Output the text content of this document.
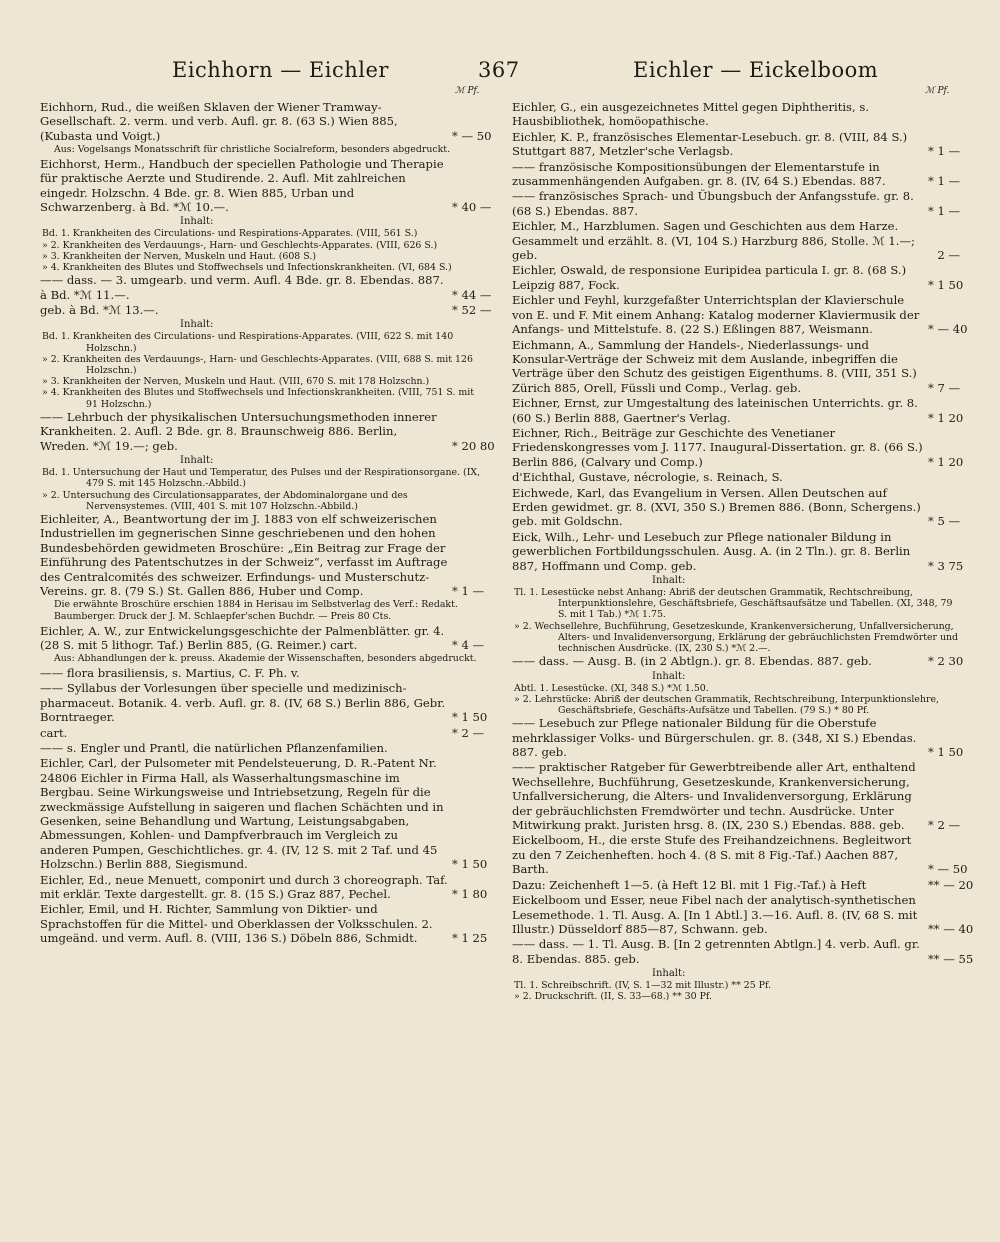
Eichhorn — Eichler	367	Eichler — Eickelboom
ℳ Pf.	ℳ Pf.
Eichhorn, Rud., die weißen Sklaven der Wiener Tramway-Gesellschaft. 2. verm. und verb. Aufl. gr. 8. (63 S.) Wien 885, (Kubasta und Voigt.)	* — 50
Aus: Vogelsangs Monatsschrift für christliche Socialreform, besonders abgedruckt.
Eichhorst, Herm., Handbuch der speciellen Pathologie und Therapie für praktische Aerzte und Studirende. 2. Aufl. Mit zahlreichen eingedr. Holzschn. 4 Bde. gr. 8. Wien 885, Urban und Schwarzenberg. à Bd. *ℳ 10.—.	* 40 —
Inhalt:
Bd. 1. Krankheiten des Circulations- und Respirations-Apparates. (VIII, 561 S.)
» 2. Krankheiten des Verdauungs-, Harn- und Geschlechts-Apparates. (VIII, 626 S.)
» 3. Krankheiten der Nerven, Muskeln und Haut. (608 S.)
» 4. Krankheiten des Blutes und Stoffwechsels und Infectionskrankheiten. (VI, 684 S.)
—— dass. — 3. umgearb. und verm. Aufl. 4 Bde. gr. 8. Ebendas. 887. à Bd. *ℳ 11.—.	* 44 —
geb. à Bd. *ℳ 13.—.	* 52 —
Inhalt:
Bd. 1. Krankheiten des Circulations- und Respirations-Apparates. (VIII, 622 S. mit 140 Holzschn.)
» 2. Krankheiten des Verdauungs-, Harn- und Geschlechts-Apparates. (VIII, 688 S. mit 126 Holzschn.)
» 3. Krankheiten der Nerven, Muskeln und Haut. (VIII, 670 S. mit 178 Holzschn.)
» 4. Krankheiten des Blutes und Stoffwechsels und Infectionskrankheiten. (VIII, 751 S. mit 91 Holzschn.)
—— Lehrbuch der physikalischen Untersuchungsmethoden innerer Krankheiten. 2. Aufl. 2 Bde. gr. 8. Braunschweig 886. Berlin, Wreden. *ℳ 19.—; geb.	* 20 80
Inhalt:
Bd. 1. Untersuchung der Haut und Temperatur, des Pulses und der Respirationsorgane. (IX, 479 S. mit 145 Holzschn.-Abbild.)
» 2. Untersuchung des Circulationsapparates, der Abdominalorgane und des Nervensystemes. (VIII, 401 S. mit 107 Holzschn.-Abbild.)
Eichleiter, A., Beantwortung der im J. 1883 von elf schweizerischen Industriellen im gegnerischen Sinne geschriebenen und den hohen Bundesbehörden gewidmeten Broschüre: „Ein Beitrag zur Frage der Einführung des Patentschutzes in der Schweiz“, verfasst im Auftrage des Centralcomités des schweizer. Erfindungs- und Musterschutz-Vereins. gr. 8. (79 S.) St. Gallen 886, Huber und Comp.	* 1 —
Die erwähnte Broschüre erschien 1884 in Herisau im Selbstverlag des Verf.: Redakt. Baumberger. Druck der J. M. Schlaepfer'schen Buchdr. — Preis 80 Cts.
Eichler, A. W., zur Entwickelungsgeschichte der Palmenblätter. gr. 4. (28 S. mit 5 lithogr. Taf.) Berlin 885, (G. Reimer.) cart.	* 4 —
Aus: Abhandlungen der k. preuss. Akademie der Wissenschaften, besonders abgedruckt.
—— flora brasiliensis, s. Martius, C. F. Ph. v.
—— Syllabus der Vorlesungen über specielle und medizinisch-pharmaceut. Botanik. 4. verb. Aufl. gr. 8. (IV, 68 S.) Berlin 886, Gebr. Borntraeger.	* 1 50
cart.	* 2 —
—— s. Engler und Prantl, die natürlichen Pflanzenfamilien.
Eichler, Carl, der Pulsometer mit Pendelsteuerung, D. R.-Patent Nr. 24806 Eichler in Firma Hall, als Wasserhaltungsmaschine im Bergbau. Seine Wirkungsweise und Intriebsetzung, Regeln für die zweckmässige Aufstellung in saigeren und flachen Schächten und in Gesenken, seine Behandlung und Wartung, Leistungsabgaben, Abmessungen, Kohlen- und Dampfverbrauch im Vergleich zu anderen Pumpen, Geschichtliches. gr. 4. (IV, 12 S. mit 2 Taf. und 45 Holzschn.) Berlin 888, Siegismund.	* 1 50
Eichler, Ed., neue Menuett, componirt und durch 3 choreograph. Taf. mit erklär. Texte dargestellt. gr. 8. (15 S.) Graz 887, Pechel.	* 1 80
Eichler, Emil, und H. Richter, Sammlung von Diktier- und Sprachstoffen für die Mittel- und Oberklassen der Volksschulen. 2. umgeänd. und verm. Aufl. 8. (VIII, 136 S.) Döbeln 886, Schmidt.	* 1 25
Eichler, G., ein ausgezeichnetes Mittel gegen Diphtheritis, s. Hausbibliothek, homöopathische.
Eichler, K. P., französisches Elementar-Lesebuch. gr. 8. (VIII, 84 S.) Stuttgart 887, Metzler'sche Verlagsb.	* 1 —
—— französische Kompositionsübungen der Elementarstufe in zusammenhängenden Aufgaben. gr. 8. (IV, 64 S.) Ebendas. 887.	* 1 —
—— französisches Sprach- und Übungsbuch der Anfangsstufe. gr. 8. (68 S.) Ebendas. 887.	* 1 —
Eichler, M., Harzblumen. Sagen und Geschichten aus dem Harze. Gesammelt und erzählt. 8. (VI, 104 S.) Harzburg 886, Stolle. ℳ 1.—; geb.	2 —
Eichler, Oswald, de responsione Euripidea particula I. gr. 8. (68 S.) Leipzig 887, Fock.	* 1 50
Eichler und Feyhl, kurzgefaßter Unterrichtsplan der Klavierschule von E. und F. Mit einem Anhang: Katalog moderner Klaviermusik der Anfangs- und Mittelstufe. 8. (22 S.) Eßlingen 887, Weismann.	* — 40
Eichmann, A., Sammlung der Handels-, Niederlassungs- und Konsular-Verträge der Schweiz mit dem Auslande, inbegriffen die Verträge über den Schutz des geistigen Eigenthums. 8. (VIII, 351 S.) Zürich 885, Orell, Füssli und Comp., Verlag. geb.	* 7 —
Eichner, Ernst, zur Umgestaltung des lateinischen Unterrichts. gr. 8. (60 S.) Berlin 888, Gaertner's Verlag.	* 1 20
Eichner, Rich., Beiträge zur Geschichte des Venetianer Friedenskongresses vom J. 1177. Inaugural-Dissertation. gr. 8. (66 S.) Berlin 886, (Calvary und Comp.)	* 1 20
d'Eichthal, Gustave, nécrologie, s. Reinach, S.
Eichwede, Karl, das Evangelium in Versen. Allen Deutschen auf Erden gewidmet. gr. 8. (XVI, 350 S.) Bremen 886. (Bonn, Schergens.) geb. mit Goldschn.	* 5 —
Eick, Wilh., Lehr- und Lesebuch zur Pflege nationaler Bildung in gewerblichen Fortbildungsschulen. Ausg. A. (in 2 Tln.). gr. 8. Berlin 887, Hoffmann und Comp. geb.	* 3 75
Inhalt:
Tl. 1. Lesestücke nebst Anhang: Abriß der deutschen Grammatik, Rechtschreibung, Interpunktionslehre, Geschäftsbriefe, Geschäftsaufsätze und Tabellen. (XI, 348, 79 S. mit 1 Tab.) *ℳ 1.75.
» 2. Wechsellehre, Buchführung, Gesetzeskunde, Krankenversicherung, Unfallversicherung, Alters- und Invalidenversorgung, Erklärung der gebräuchlichsten Fremdwörter und technischen Ausdrücke. (IX, 230 S.) *ℳ 2.—.
—— dass. — Ausg. B. (in 2 Abtlgn.). gr. 8. Ebendas. 887. geb.	* 2 30
Inhalt:
Abtl. 1. Lesestücke. (XI, 348 S.) *ℳ 1.50.
» 2. Lehrstücke: Abriß der deutschen Grammatik, Rechtschreibung, Interpunktionslehre, Geschäftsbriefe, Geschäfts-Aufsätze und Tabellen. (79 S.) * 80 Pf.
—— Lesebuch zur Pflege nationaler Bildung für die Oberstufe mehrklassiger Volks- und Bürgerschulen. gr. 8. (348, XI S.) Ebendas. 887. geb.	* 1 50
—— praktischer Ratgeber für Gewerbtreibende aller Art, enthaltend Wechsellehre, Buchführung, Gesetzeskunde, Krankenversicherung, Unfallversicherung, die Alters- und Invalidenversorgung, Erklärung der gebräuchlichsten Fremdwörter und techn. Ausdrücke. Unter Mitwirkung prakt. Juristen hrsg. 8. (IX, 230 S.) Ebendas. 888. geb.	* 2 —
Eickelboom, H., die erste Stufe des Freihandzeichnens. Begleitwort zu den 7 Zeichenheften. hoch 4. (8 S. mit 8 Fig.-Taf.) Aachen 887, Barth.	* — 50
Dazu: Zeichenheft 1—5. (à Heft 12 Bl. mit 1 Fig.-Taf.) à Heft	** — 20
Eickelboom und Esser, neue Fibel nach der analytisch-synthetischen Lesemethode. 1. Tl. Ausg. A. [In 1 Abtl.] 3.—16. Aufl. 8. (IV, 68 S. mit Illustr.) Düsseldorf 885—87, Schwann. geb.	** — 40
—— dass. — 1. Tl. Ausg. B. [In 2 getrennten Abtlgn.] 4. verb. Aufl. gr. 8. Ebendas. 885. geb.	** — 55
Inhalt:
Tl. 1. Schreibschrift. (IV, S. 1—32 mit Illustr.) ** 25 Pf.
» 2. Druckschrift. (II, S. 33—68.) ** 30 Pf.
